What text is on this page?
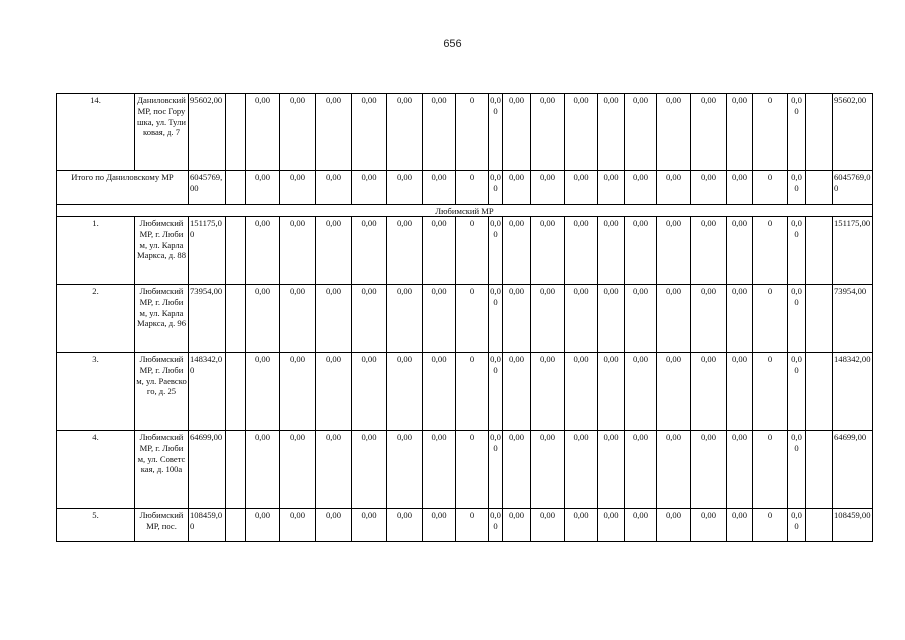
656
14.	Даниловский МР, пос Горушка, ул. Туликовая, д. 7	95602,00		0,00	0,00	0,00	0,00	0,00	0,00	0	0,00	0,00	0,00	0,00	0,00	0,00	0,00	0,00	0,00	0	0,00		95602,00
Итого по Даниловскому МР		6045769,00		0,00	0,00	0,00	0,00	0,00	0,00	0	0,00	0,00	0,00	0,00	0,00	0,00	0,00	0,00	0,00	0	0,00		6045769,00
Любимский МР																							
1.	Любимский МР, г. Любим, ул. Карла Маркса, д. 88	151175,00		0,00	0,00	0,00	0,00	0,00	0,00	0	0,00	0,00	0,00	0,00	0,00	0,00	0,00	0,00	0,00	0	0,00		151175,00
2.	Любимский МР, г. Любим, ул. Карла Маркса, д. 96	73954,00		0,00	0,00	0,00	0,00	0,00	0,00	0	0,00	0,00	0,00	0,00	0,00	0,00	0,00	0,00	0,00	0	0,00		73954,00
3.	Любимский МР, г. Любим, ул. Раевского, д. 25	148342,00		0,00	0,00	0,00	0,00	0,00	0,00	0	0,00	0,00	0,00	0,00	0,00	0,00	0,00	0,00	0,00	0	0,00		148342,00
4.	Любимский МР, г. Любим, ул. Советская, д. 100а	64699,00		0,00	0,00	0,00	0,00	0,00	0,00	0	0,00	0,00	0,00	0,00	0,00	0,00	0,00	0,00	0,00	0	0,00		64699,00
5.	Любимский МР, пос.	108459,00		0,00	0,00	0,00	0,00	0,00	0,00	0	0,00	0,00	0,00	0,00	0,00	0,00	0,00	0,00	0,00	0	0,00		108459,00
